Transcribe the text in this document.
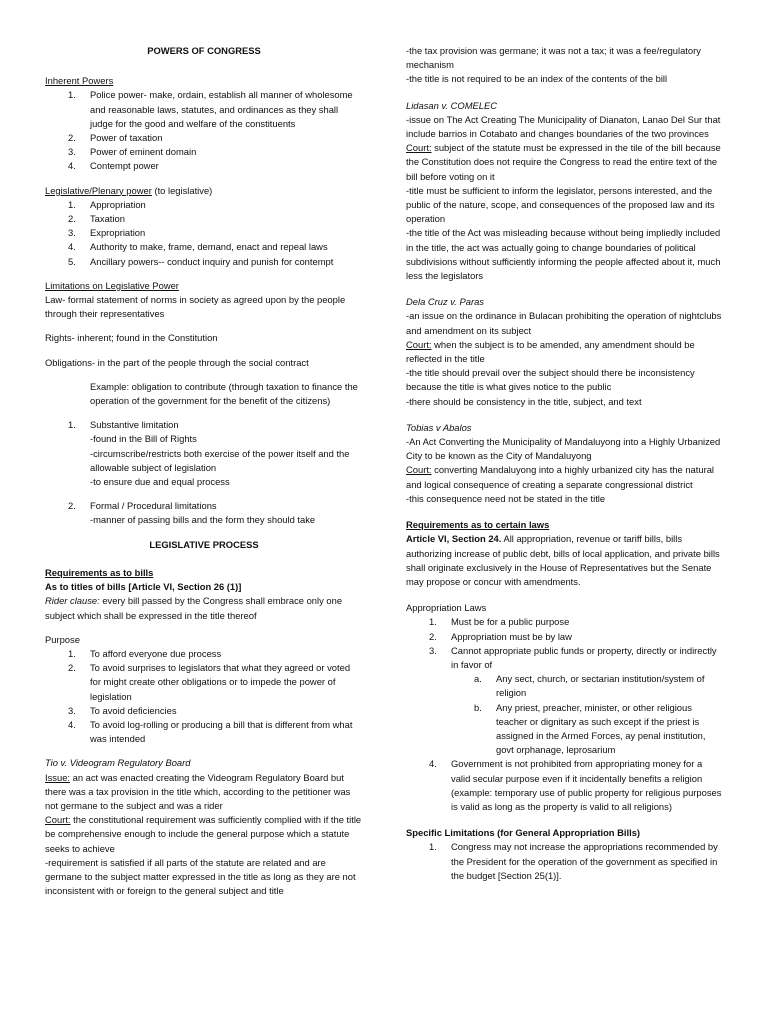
POWERS OF CONGRESS

Inherent Powers

1. Police power- make, ordain, establish all manner of wholesome and reasonable laws, statutes, and ordinances as they shall judge for the good and welfare of the constituents
2. Power of taxation
3. Power of eminent domain
4. Contempt power

Legislative/Plenary power (to legislative)

1. Appropriation
2. Taxation
3. Expropriation
4. Authority to make, frame, demand, enact and repeal laws
5. Ancillary powers-- conduct inquiry and punish for contempt

Limitations on Legislative Power

Law- formal statement of norms in society as agreed upon by the people through their representatives

Rights- inherent; found in the Constitution

Obligations- in the part of the people through the social contract

Example: obligation to contribute (through taxation to finance the operation of the government for the benefit of the citizens)

1. Substantive limitation
-found in the Bill of Rights
-circumscribe/restricts both exercise of the power itself and the allowable subject of legislation
-to ensure due and equal process
2. Formal / Procedural limitations
-manner of passing bills and the form they should take

LEGISLATIVE PROCESS

Requirements as to bills

As to titles of bills [Article VI, Section 26 (1)]

Rider clause: every bill passed by the Congress shall embrace only one subject which shall be expressed in the title thereof

Purpose

1. To afford everyone due process
2. To avoid surprises to legislators that what they agreed or voted for might create other obligations or to impede the power of legislation
3. To avoid deficiencies
4. To avoid log-rolling or producing a bill that is different from what was intended

Tio v. Videogram Regulatory Board

Issue: an act was enacted creating the Videogram Regulatory Board but there was a tax provision in the title which, according to the petitioner was not germane to the subject and was a rider

Court: the constitutional requirement was sufficiently complied with if the title be comprehensive enough to include the general purpose which a statute seeks to achieve

-requirement is satisfied if all parts of the statute are related and are germane to the subject matter expressed in the title as long as they are not inconsistent with or foreign to the general subject and title

-the tax provision was germane; it was not a tax; it was a fee/regulatory mechanism

-the title is not required to be an index of the contents of the bill

Lidasan v. COMELEC

-issue on The Act Creating The Municipality of Dianaton, Lanao Del Sur that include barrios in Cotabato and changes boundaries of the two provinces

Court: subject of the statute must be expressed in the tile of the bill because the Constitution does not require the Congress to read the entire text of the bill before voting on it

-title must be sufficient to inform the legislator, persons interested, and the public of the nature, scope, and consequences of the proposed law and its operation

-the title of the Act was misleading because without being impliedly included in the title, the act was actually going to change boundaries of political subdivisions without sufficiently informing the people affected about it, much less the legislators

Dela Cruz v. Paras

-an issue on the ordinance in Bulacan prohibiting the operation of nightclubs and amendment on its subject

Court: when the subject is to be amended, any amendment should be reflected in the title

-the title should prevail over the subject should there be inconsistency because the title is what gives notice to the public

-there should be consistency in the title, subject, and text

Tobias v Abalos

-An Act Converting the Municipality of Mandaluyong into a Highly Urbanized City to be known as the City of Mandaluyong

Court: converting Mandaluyong into a highly urbanized city has the natural and logical consequence of creating a separate congressional district

-this consequence need not be stated in the title

Requirements as to certain laws

Article VI, Section 24. All appropriation, revenue or tariff bills, bills authorizing increase of public debt, bills of local application, and private bills shall originate exclusively in the House of Representatives but the Senate may propose or concur with amendments.

Appropriation Laws

1. Must be for a public purpose
2. Appropriation must be by law
3. Cannot appropriate public funds or property, directly or indirectly in favor of
a. Any sect, church, or sectarian institution/system of religion
b. Any priest, preacher, minister, or other religious teacher or dignitary as such except if the priest is assigned in the Armed Forces, ay penal institution, govt orphanage, leprosarium
4. Government is not prohibited from appropriating money for a valid secular purpose even if it incidentally benefits a religion (example: temporary use of public property for religious purposes is valid as long as the property is valid to all religions)

Specific Limitations (for General Appropriation Bills)

1. Congress may not increase the appropriations recommended by the President for the operation of the government as specified in the budget [Section 25(1)].
